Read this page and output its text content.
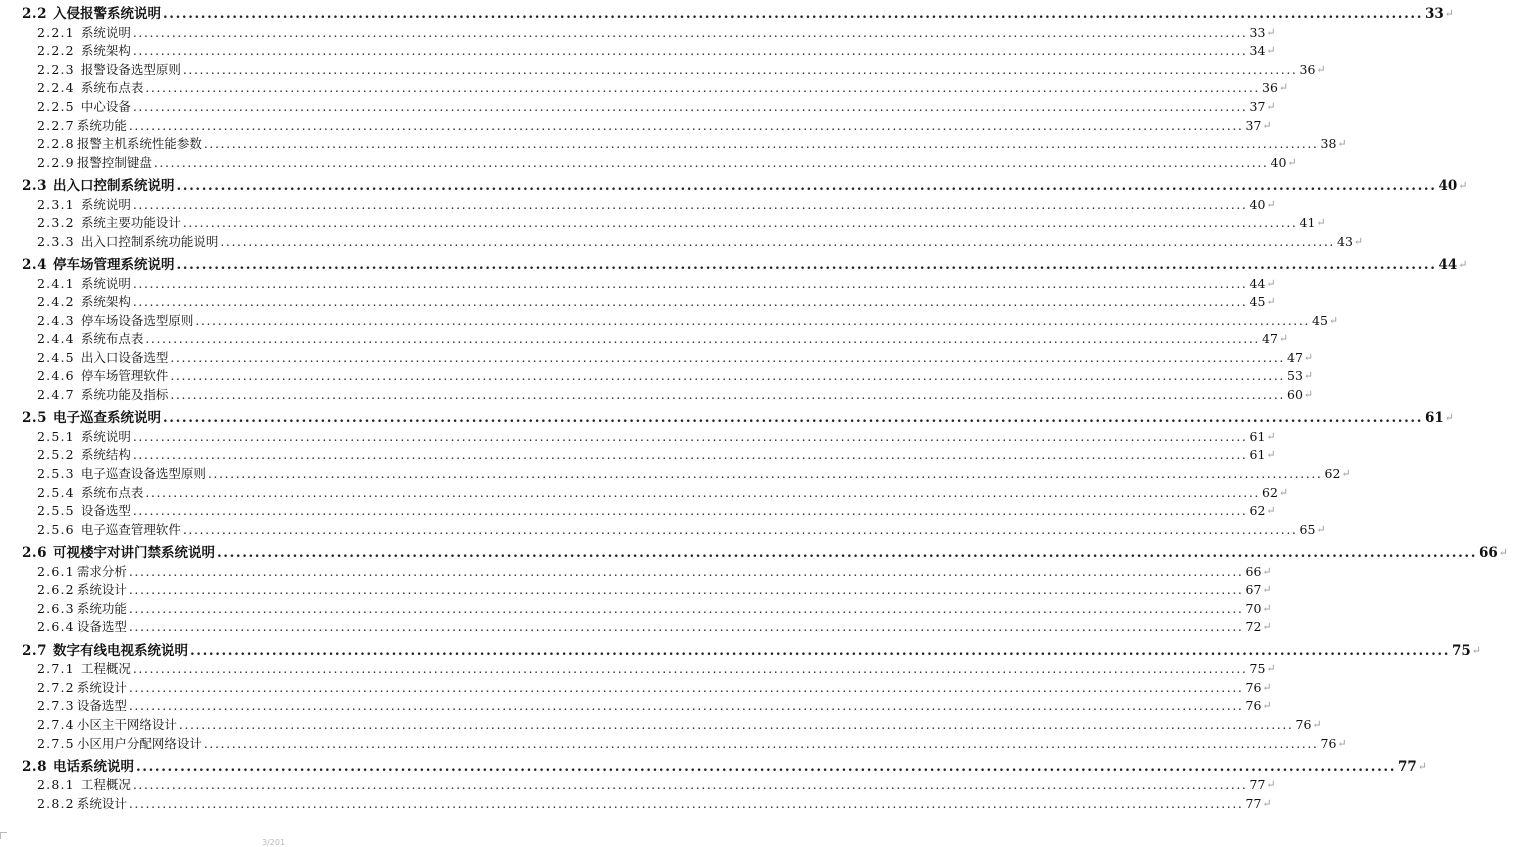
2.2 入侵报警系统说明 ........................................................................................................................................................................................................ 33 ↵
2.2.1 系统说明 ........................................................................................................................................................................................................ 33 ↵
2.2.2 系统架构 ........................................................................................................................................................................................................ 34 ↵
2.2.3 报警设备选型原则 ........................................................................................................................................................................................................ 36 ↵
2.2.4 系统布点表 ........................................................................................................................................................................................................ 36 ↵
2.2.5 中心设备 ........................................................................................................................................................................................................ 37 ↵
2.2.7 系统功能 ........................................................................................................................................................................................................ 37 ↵
2.2.8 报警主机系统性能参数 ........................................................................................................................................................................................................ 38 ↵
2.2.9 报警控制键盘 ........................................................................................................................................................................................................ 40 ↵
2.3 出入口控制系统说明 ........................................................................................................................................................................................................ 40 ↵
2.3.1 系统说明 ........................................................................................................................................................................................................ 40 ↵
2.3.2 系统主要功能设计 ........................................................................................................................................................................................................ 41 ↵
2.3.3 出入口控制系统功能说明 ........................................................................................................................................................................................................ 43 ↵
2.4 停车场管理系统说明 ........................................................................................................................................................................................................ 44 ↵
2.4.1 系统说明 ........................................................................................................................................................................................................ 44 ↵
2.4.2 系统架构 ........................................................................................................................................................................................................ 45 ↵
2.4.3 停车场设备选型原则 ........................................................................................................................................................................................................ 45 ↵
2.4.4 系统布点表 ........................................................................................................................................................................................................ 47 ↵
2.4.5 出入口设备选型 ........................................................................................................................................................................................................ 47 ↵
2.4.6 停车场管理软件 ........................................................................................................................................................................................................ 53 ↵
2.4.7 系统功能及指标 ........................................................................................................................................................................................................ 60 ↵
2.5 电子巡查系统说明 ........................................................................................................................................................................................................ 61 ↵
2.5.1 系统说明 ........................................................................................................................................................................................................ 61 ↵
2.5.2 系统结构 ........................................................................................................................................................................................................ 61 ↵
2.5.3 电子巡查设备选型原则 ........................................................................................................................................................................................................ 62 ↵
2.5.4 系统布点表 ........................................................................................................................................................................................................ 62 ↵
2.5.5 设备选型 ........................................................................................................................................................................................................ 62 ↵
2.5.6 电子巡查管理软件 ........................................................................................................................................................................................................ 65 ↵
2.6 可视楼宇对讲门禁系统说明 ........................................................................................................................................................................................................ 66 ↵
2.6.1 需求分析 ........................................................................................................................................................................................................ 66 ↵
2.6.2 系统设计 ........................................................................................................................................................................................................ 67 ↵
2.6.3 系统功能 ........................................................................................................................................................................................................ 70 ↵
2.6.4 设备选型 ........................................................................................................................................................................................................ 72 ↵
2.7 数字有线电视系统说明 ........................................................................................................................................................................................................ 75 ↵
2.7.1 工程概况 ........................................................................................................................................................................................................ 75 ↵
2.7.2 系统设计 ........................................................................................................................................................................................................ 76 ↵
2.7.3 设备选型 ........................................................................................................................................................................................................ 76 ↵
2.7.4 小区主干网络设计 ........................................................................................................................................................................................................ 76 ↵
2.7.5 小区用户分配网络设计 ........................................................................................................................................................................................................ 76 ↵
2.8 电话系统说明 ........................................................................................................................................................................................................ 77 ↵
2.8.1 工程概况 ........................................................................................................................................................................................................ 77 ↵
2.8.2 系统设计 ........................................................................................................................................................................................................ 77 ↵
3/201
